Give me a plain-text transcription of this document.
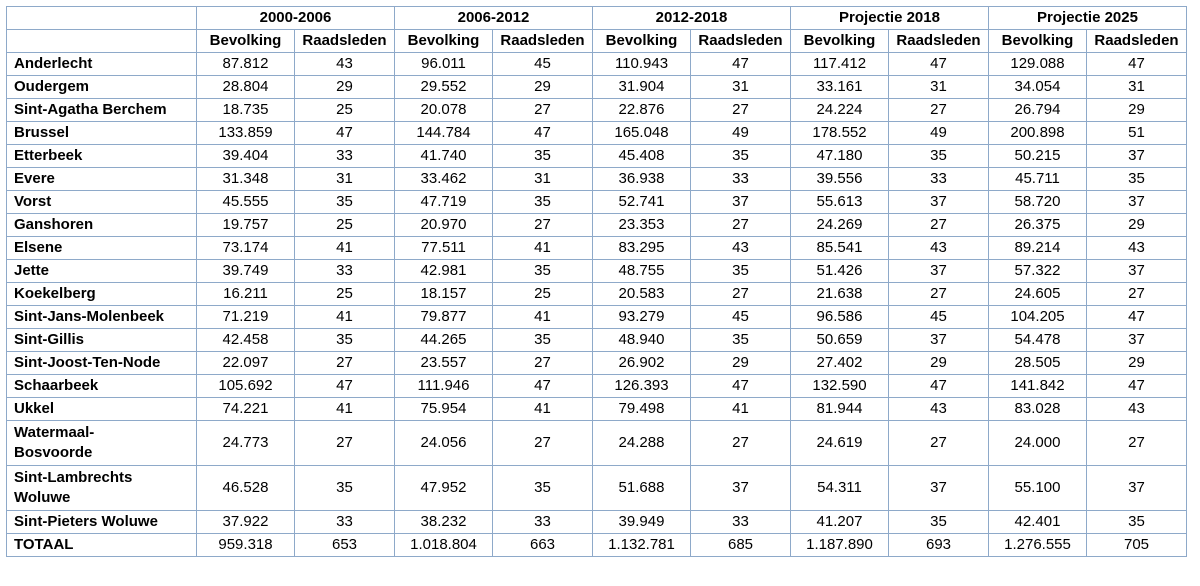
	2000-2006		2006-2012		2012-2018		Projectie 2018		Projectie 2025	
	Bevolking	Raadsleden	Bevolking	Raadsleden	Bevolking	Raadsleden	Bevolking	Raadsleden	Bevolking	Raadsleden
Anderlecht	87.812	43	96.011	45	110.943	47	117.412	47	129.088	47
Oudergem	28.804	29	29.552	29	31.904	31	33.161	31	34.054	31
Sint-Agatha Berchem	18.735	25	20.078	27	22.876	27	24.224	27	26.794	29
Brussel	133.859	47	144.784	47	165.048	49	178.552	49	200.898	51
Etterbeek	39.404	33	41.740	35	45.408	35	47.180	35	50.215	37
Evere	31.348	31	33.462	31	36.938	33	39.556	33	45.711	35
Vorst	45.555	35	47.719	35	52.741	37	55.613	37	58.720	37
Ganshoren	19.757	25	20.970	27	23.353	27	24.269	27	26.375	29
Elsene	73.174	41	77.511	41	83.295	43	85.541	43	89.214	43
Jette	39.749	33	42.981	35	48.755	35	51.426	37	57.322	37
Koekelberg	16.211	25	18.157	25	20.583	27	21.638	27	24.605	27
Sint-Jans-Molenbeek	71.219	41	79.877	41	93.279	45	96.586	45	104.205	47
Sint-Gillis	42.458	35	44.265	35	48.940	35	50.659	37	54.478	37
Sint-Joost-Ten-Node	22.097	27	23.557	27	26.902	29	27.402	29	28.505	29
Schaarbeek	105.692	47	111.946	47	126.393	47	132.590	47	141.842	47
Ukkel	74.221	41	75.954	41	79.498	41	81.944	43	83.028	43
Watermaal-
Bosvoorde	24.773	27	24.056	27	24.288	27	24.619	27	24.000	27
Sint-Lambrechts
Woluwe	46.528	35	47.952	35	51.688	37	54.311	37	55.100	37
Sint-Pieters Woluwe	37.922	33	38.232	33	39.949	33	41.207	35	42.401	35
TOTAAL	959.318	653	1.018.804	663	1.132.781	685	1.187.890	693	1.276.555	705
